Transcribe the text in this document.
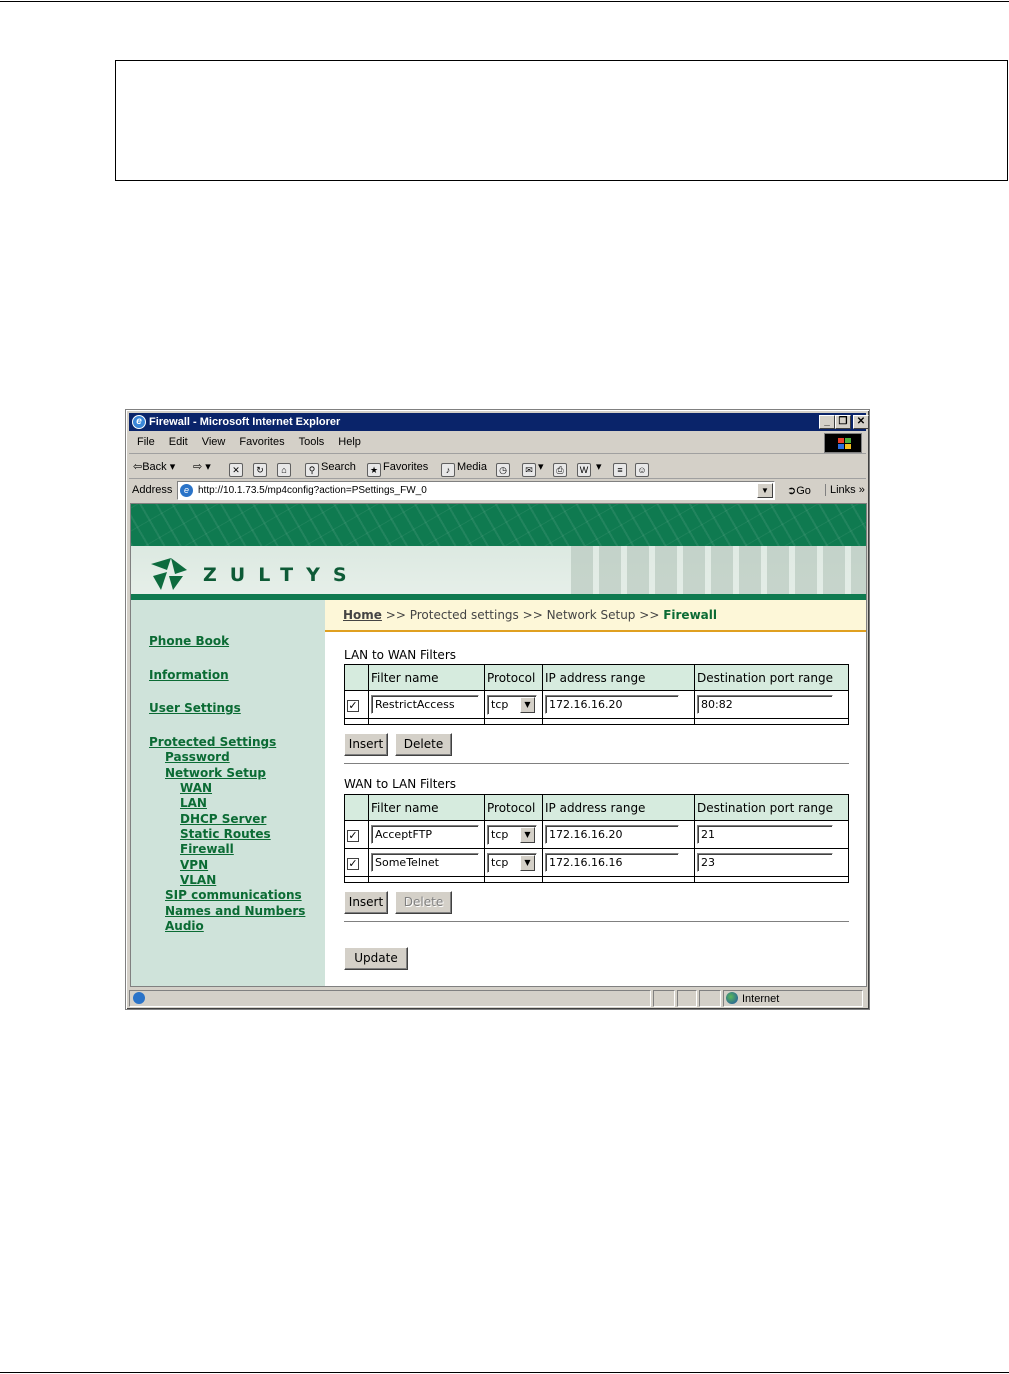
e Firewall - Microsoft Internet Explorer	_ ❐ ✕
File Edit View Favorites Tools Help
⇦Back ▾ ⇨ ▾	✕	↻	⌂	⚲ Search	★ Favorites	♪ Media	◷	✉ ▾	⎙	W ▾	≡	☺
Address	e http://10.1.73.5/mp4config?action=PSettings_FW_0	▼	➲Go	Links »
ZULTYS
Phone Book
Information
User Settings
Protected Settings
Password
Network Setup
WAN
LAN
DHCP Server
Static Routes
Firewall
VPN
VLAN
SIP communications
Names and Numbers
Audio
Home >> Protected settings >> Network Setup >> Firewall
LAN to WAN Filters
	Filter name	Protocol	IP address range	Destination port range
✓	RestrictAccess	tcp ▼	172.16.16.20	80:82

Insert	Delete
WAN to LAN Filters
	Filter name	Protocol	IP address range	Destination port range
✓	AcceptFTP	tcp ▼	172.16.16.20	21
✓	SomeTelnet	tcp ▼	172.16.16.16	23

Insert	Delete
Update
Internet
